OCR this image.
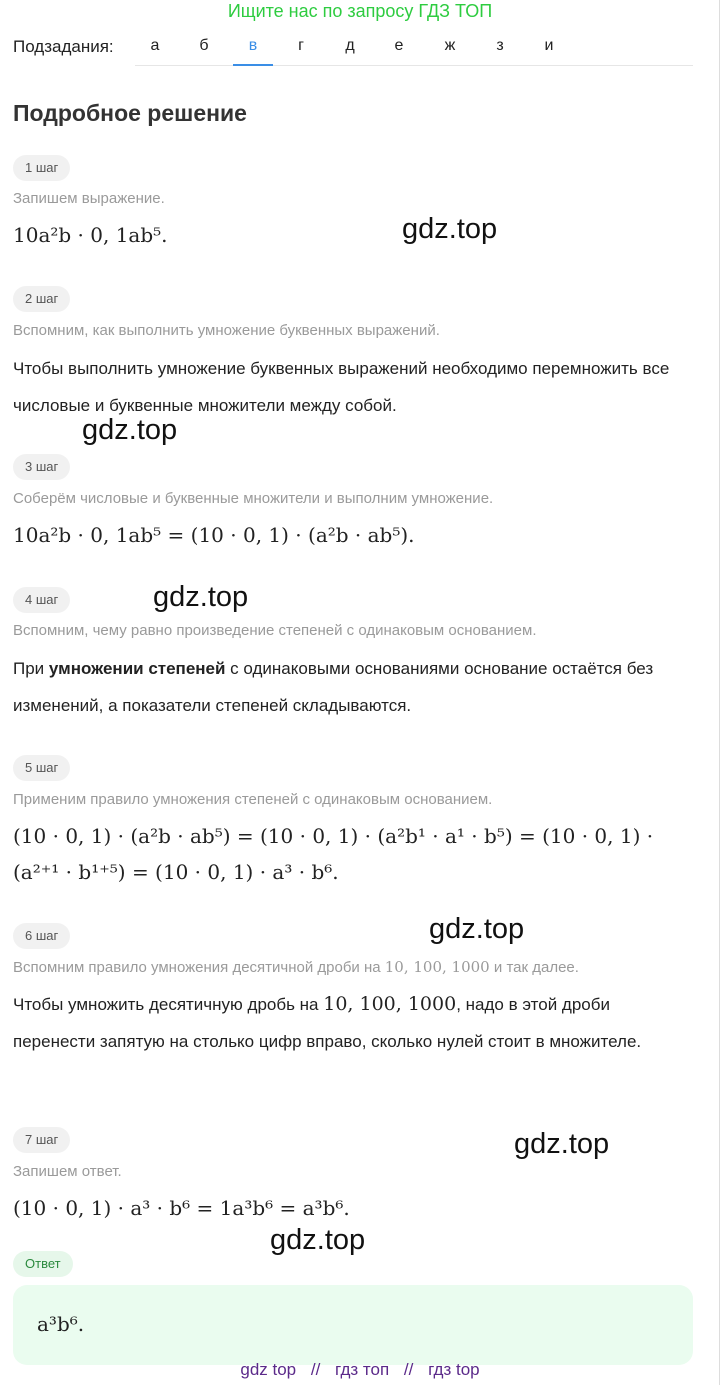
Ищите нас по запросу ГДЗ ТОП
Подзадания:	а	б	в	г	д	е	ж	з	и
Подробное решение
1 шаг
Запишем выражение.
10a²b · 0, 1ab⁵.
2 шаг
Вспомним, как выполнить умножение буквенных выражений.
Чтобы выполнить умножение буквенных выражений необходимо перемножить все числовые и буквенные множители между собой.
3 шаг
Соберём числовые и буквенные множители и выполним умножение.
10a²b · 0, 1ab⁵ = (10 · 0, 1) · (a²b · ab⁵).
4 шаг
Вспомним, чему равно произведение степеней с одинаковым основанием.
При умножении степеней с одинаковыми основаниями основание остаётся без изменений, а показатели степеней складываются.
5 шаг
Применим правило умножения степеней с одинаковым основанием.
(10 · 0, 1) · (a²b · ab⁵) = (10 · 0, 1) · (a²b¹ · a¹ · b⁵) = (10 · 0, 1) ·
(a²⁺¹ · b¹⁺⁵) = (10 · 0, 1) · a³ · b⁶.
6 шаг
Вспомним правило умножения десятичной дроби на 10, 100, 1000 и так далее.
Чтобы умножить десятичную дробь на 10, 100, 1000, надо в этой дроби перенести запятую на столько цифр вправо, сколько нулей стоит в множителе.
7 шаг
Запишем ответ.
(10 · 0, 1) · a³ · b⁶ = 1a³b⁶ = a³b⁶.
Ответ
a³b⁶.
gdz.top
gdz.top
gdz.top
gdz.top
gdz.top
gdz.top
gdz top // гдз топ // гдз top
